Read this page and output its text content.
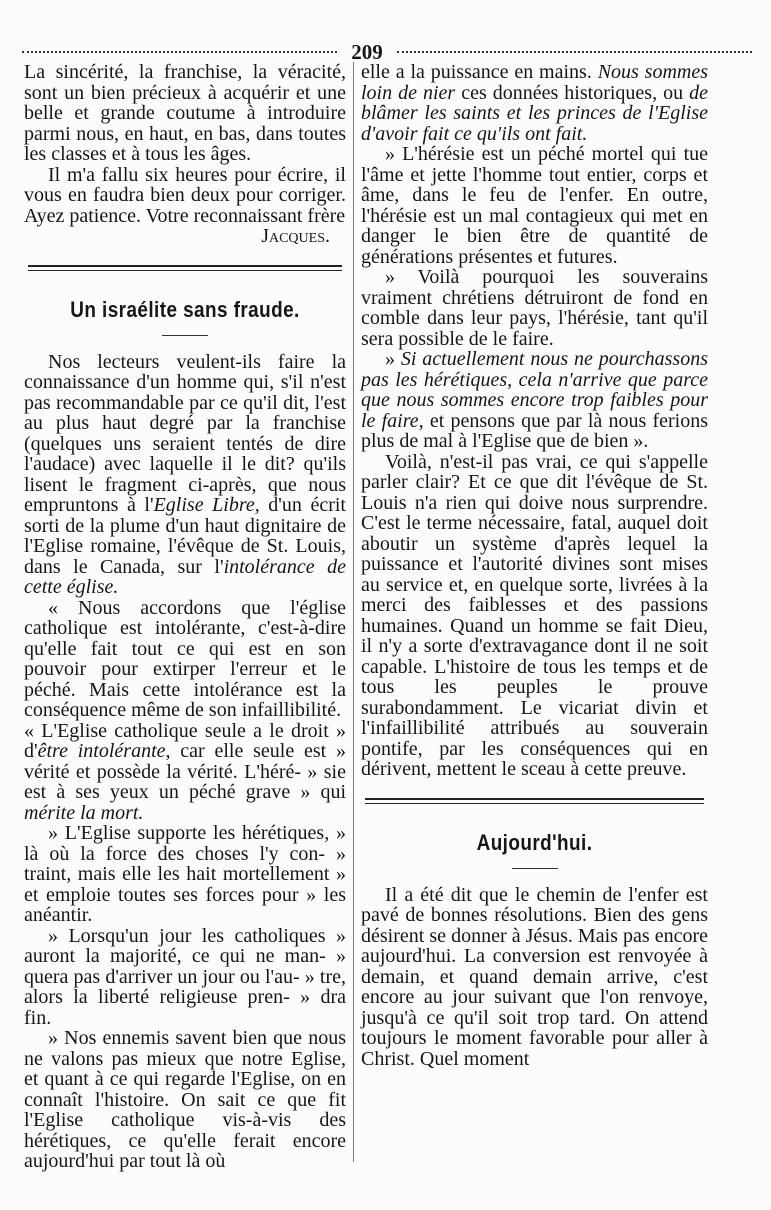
209

La sincérité, la franchise, la véracité, sont un bien précieux à acquérir et une belle et grande coutume à introduire parmi nous, en haut, en bas, dans toutes les classes et à tous les âges.

Il m'a fallu six heures pour écrire, il vous en faudra bien deux pour corriger. Ayez patience. Votre reconnaissant frère

Jacques.
Un israélite sans fraude.

Nos lecteurs veulent-ils faire la connaissance d'un homme qui, s'il n'est pas recommandable par ce qu'il dit, l'est au plus haut degré par la franchise (quelques uns seraient tentés de dire l'audace) avec laquelle il le dit? qu'ils lisent le fragment ci-après, que nous empruntons à l'Eglise Libre, d'un écrit sorti de la plume d'un haut dignitaire de l'Eglise romaine, l'évêque de St. Louis, dans le Canada, sur l'intolérance de cette église.

« Nous accordons que l'église catholique est intolérante, c'est-à-dire qu'elle fait tout ce qui est en son pouvoir pour extirper l'erreur et le péché. Mais cette intolérance est la conséquence même de son infaillibilité.

« L'Eglise catholique seule a le droit » d'être intolérante, car elle seule est » vérité et possède la vérité. L'héré- » sie est à ses yeux un péché grave » qui mérite la mort.

» L'Eglise supporte les hérétiques, » là où la force des choses l'y con- » traint, mais elle les hait mortellement » et emploie toutes ses forces pour » les anéantir.

» Lorsqu'un jour les catholiques » auront la majorité, ce qui ne man- » quera pas d'arriver un jour ou l'au- » tre, alors la liberté religieuse pren- » dra fin.

» Nos ennemis savent bien que nous ne valons pas mieux que notre Eglise, et quant à ce qui regarde l'Eglise, on en connaît l'histoire. On sait ce que fit l'Eglise catholique vis-à-vis des hérétiques, ce qu'elle ferait encore aujourd'hui par tout là où

elle a la puissance en mains. Nous sommes loin de nier ces données historiques, ou de blâmer les saints et les princes de l'Eglise d'avoir fait ce qu'ils ont fait.

» L'hérésie est un péché mortel qui tue l'âme et jette l'homme tout entier, corps et âme, dans le feu de l'enfer. En outre, l'hérésie est un mal contagieux qui met en danger le bien être de quantité de générations présentes et futures.

» Voilà pourquoi les souverains vraiment chrétiens détruiront de fond en comble dans leur pays, l'hérésie, tant qu'il sera possible de le faire.

» Si actuellement nous ne pourchassons pas les hérétiques, cela n'arrive que parce que nous sommes encore trop faibles pour le faire, et pensons que par là nous ferions plus de mal à l'Eglise que de bien ».

Voilà, n'est-il pas vrai, ce qui s'appelle parler clair? Et ce que dit l'évêque de St. Louis n'a rien qui doive nous surprendre. C'est le terme nécessaire, fatal, auquel doit aboutir un système d'après lequel la puissance et l'autorité divines sont mises au service et, en quelque sorte, livrées à la merci des faiblesses et des passions humaines. Quand un homme se fait Dieu, il n'y a sorte d'extravagance dont il ne soit capable. L'histoire de tous les temps et de tous les peuples le prouve surabondamment. Le vicariat divin et l'infaillibilité attribués au souverain pontife, par les conséquences qui en dérivent, mettent le sceau à cette preuve.

Aujourd'hui.

Il a été dit que le chemin de l'enfer est pavé de bonnes résolutions. Bien des gens désirent se donner à Jésus. Mais pas encore aujourd'hui. La conversion est renvoyée à demain, et quand demain arrive, c'est encore au jour suivant que l'on renvoye, jusqu'à ce qu'il soit trop tard. On attend toujours le moment favorable pour aller à Christ. Quel moment
